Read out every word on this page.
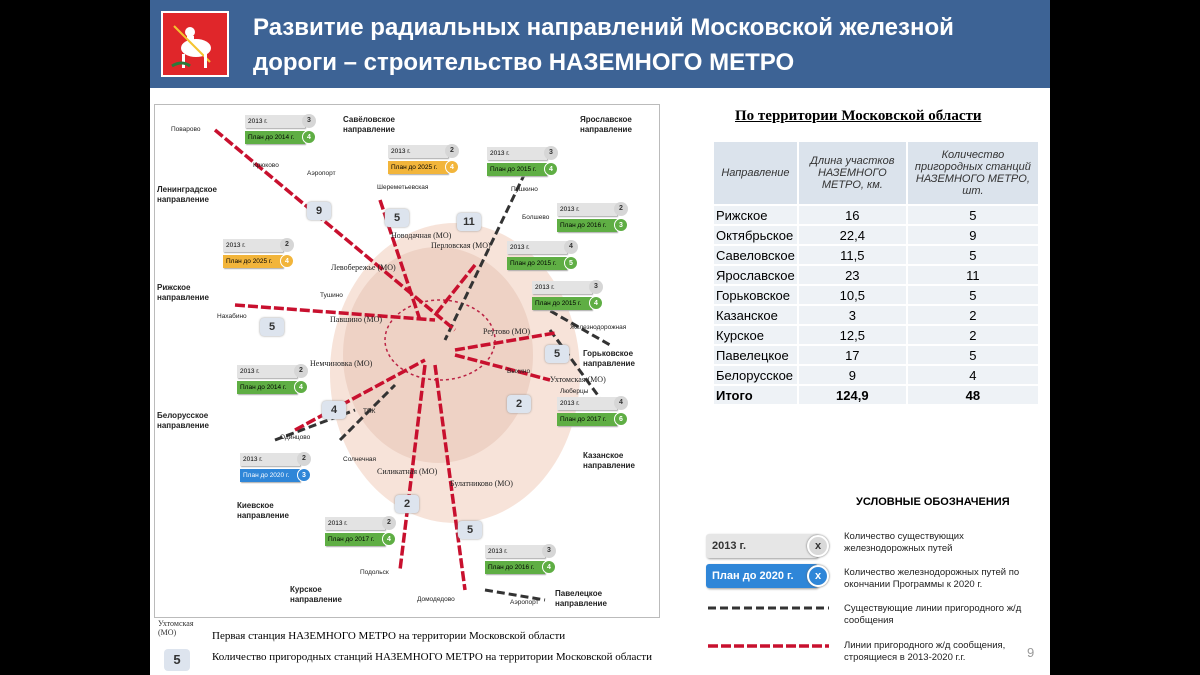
Развитие радиальных направлений Московской железной дороги – строительство НАЗЕМНОГО МЕТРО
Савёловское направление
Ярославское направление
Ленинградское направление
Рижское направление
Горьковское направление
Белорусское направление
Казанское направление
Киевское направление
Курское направление
Павелецкое направление
Поварово
Крюково
Аэропорт
Шереметьевская	Пушкино
Болшево
Новодачная (МО)
Перловская (МО)
Левобережье (МО)
Тушино
Нахабино	Павшино (МО)
Реутово (МО)	Железнодорожная
Немчиновка (МО)
Выхино
Ухтомская (МО)
Люберцы
Одинцово
ТПК
Солнечная
Силикатная (МО)
Булатниково (МО)
Подольск
Домодедово	Аэропорт
2013 г.	3
План до 2014 г.	4
2013 г.	2
План до 2025 г.	4
2013 г.	3
План до 2015 г.	4
2013 г.	2
План до 2016 г.	3
2013 г.	2
План до 2025 г.	4
2013 г.	4
План до 2015 г.	5
2013 г.	3
План до 2015 г.	4
2013 г.	2
План до 2014 г.	4
2013 г.	4
План до 2017 г.	6
2013 г.	2
План до 2020 г.	3
2013 г.	2
План до 2017 г.	4
2013 г.	3
План до 2016 г.	4
9
5	11
5
5
4	2
2
5
По территории Московской области
Направление	Длина участков НАЗЕМНОГО МЕТРО, км.	Количество пригородных станций НАЗЕМНОГО МЕТРО, шт.
Рижское	16	5
Октябрьское	22,4	9
Савеловское	11,5	5
Ярославское	23	11
Горьковское	10,5	5
Казанское	3	2
Курское	12,5	2
Павелецкое	17	5
Белорусское	9	4
Итого	124,9	48
УСЛОВНЫЕ ОБОЗНАЧЕНИЯ
2013 г.	x
Количество существующих железнодорожных путей
План до 2020 г.	x	Количество железнодорожных путей по окончании Программы к 2020 г.
Существующие линии пригородного ж/д сообщения
Линии пригородного ж/д сообщения, строящиеся в 2013-2020 г.г.
Ухтомская (МО)	Первая станция НАЗЕМНОГО МЕТРО на территории Московской области
5	Количество пригородных станций НАЗЕМНОГО МЕТРО на территории Московской области	9
